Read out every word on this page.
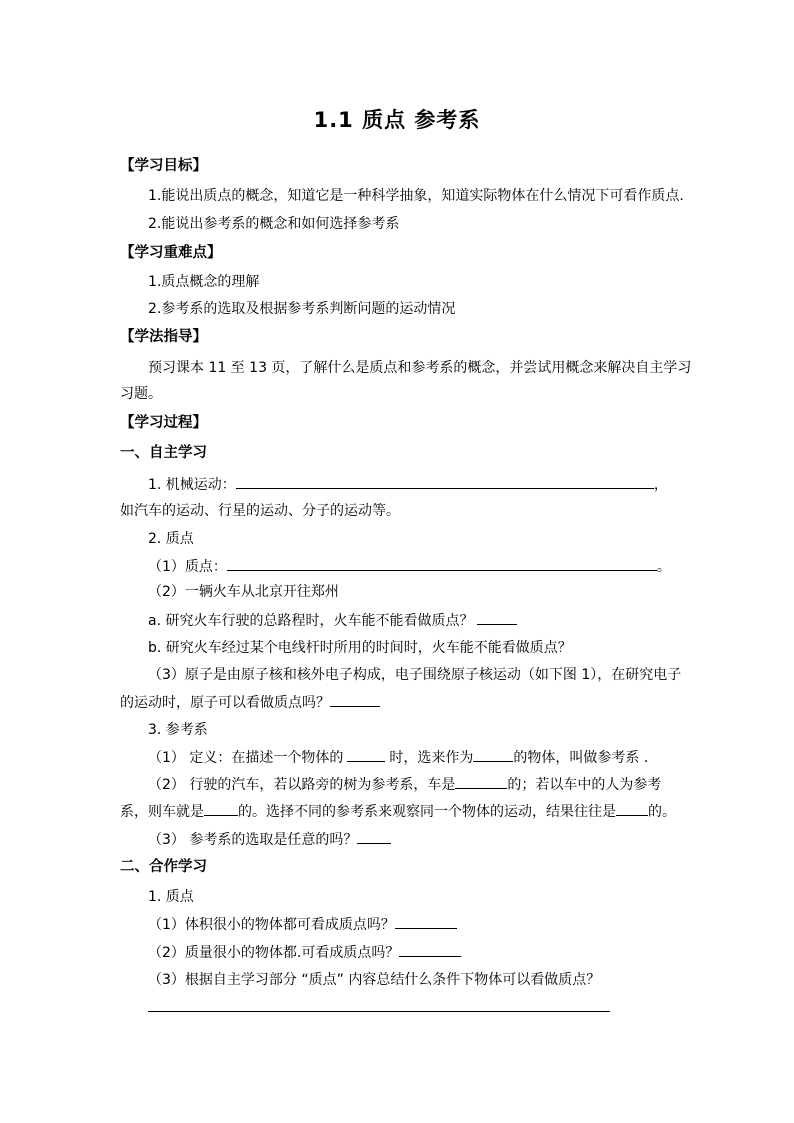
1.1 质点 参考系
【学习目标】
1.能说出质点的概念，知道它是一种科学抽象，知道实际物体在什么情况下可看作质点.
2.能说出参考系的概念和如何选择参考系
【学习重难点】
1.质点概念的理解
2.参考系的选取及根据参考系判断问题的运动情况
【学法指导】
预习课本 11 至 13 页，了解什么是质点和参考系的概念，并尝试用概念来解决自主学习
习题。
【学习过程】
一、自主学习
1. 机械运动：	，
如汽车的运动、行星的运动、分子的运动等。
2. 质点
（1）质点：	。
（2）一辆火车从北京开往郑州
a. 研究火车行驶的总路程时，火车能不能看做质点？
b. 研究火车经过某个电线杆时所用的时间时，火车能不能看做质点？
（3）原子是由原子核和核外电子构成，电子围绕原子核运动（如下图 1），在研究电子
的运动时，原子可以看做质点吗？
3. 参考系
（1） 定义：在描述一个物体的	时，选来作为	的物体，叫做参考系 .
（2） 行驶的汽车，若以路旁的树为参考系，车是	的；若以车中的人为参考
系，则车就是 的。选择不同的参考系来观察同一个物体的运动，结果往往是 的。
（3） 参考系的选取是任意的吗？
二、合作学习
1. 质点
（1）体积很小的物体都可看成质点吗？
（2）质量很小的物体都.可看成质点吗？
（3）根据自主学习部分 “质点” 内容总结什么条件下物体可以看做质点？
